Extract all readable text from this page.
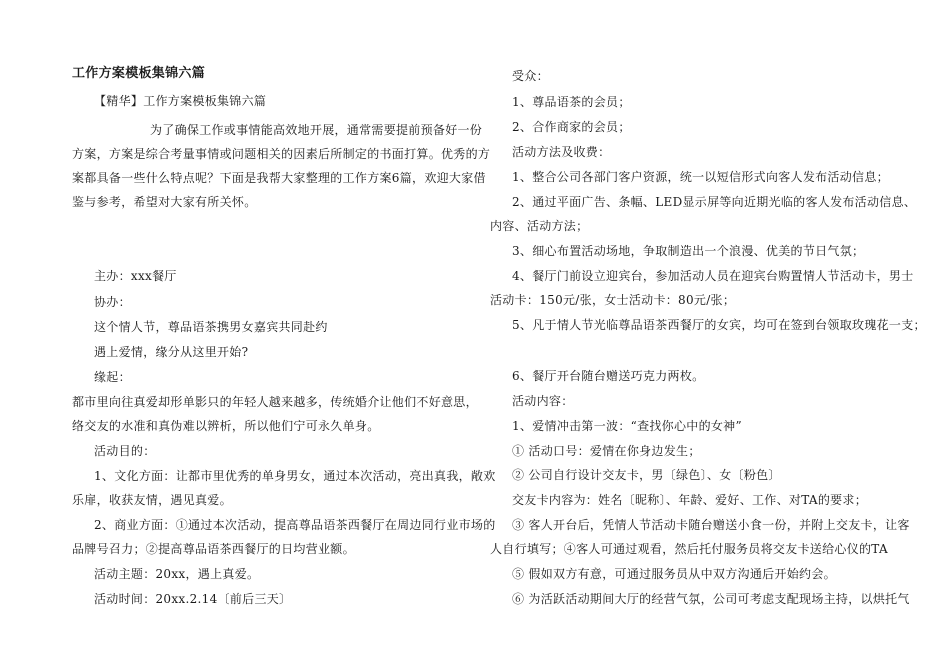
工作方案模板集锦六篇
【精华】工作方案模板集锦六篇
为了确保工作或事情能高效地开展，通常需要提前预备好一份
方案，方案是综合考量事情或问题相关的因素后所制定的书面打算。优秀的方
案都具备一些什么特点呢？下面是我帮大家整理的工作方案6篇，欢迎大家借
鉴与参考，希望对大家有所关怀。
主办：xxx餐厅
协办：
这个情人节，尊品语茶携男女嘉宾共同赴约
遇上爱情，缘分从这里开始?
缘起：
都市里向往真爱却形单影只的年轻人越来越多，传统婚介让他们不好意思，
络交友的水准和真伪难以辨析，所以他们宁可永久单身。
活动目的：
1、文化方面：让都市里优秀的单身男女，通过本次活动，亮出真我，敞欢
乐扉，收获友情，遇见真爱。
2、商业方面：①通过本次活动，提高尊品语茶西餐厅在周边同行业市场的
品牌号召力；②提高尊品语茶西餐厅的日均营业额。
活动主题：20xx，遇上真爱。
活动时间：20xx.2.14〔前后三天〕
受众：
1、尊品语茶的会员；
2、合作商家的会员；
活动方法及收费：
1、整合公司各部门客户资源，统一以短信形式向客人发布活动信息；
2、通过平面广告、条幅、LED显示屏等向近期光临的客人发布活动信息、
内容、活动方法；
3、细心布置活动场地，争取制造出一个浪漫、优美的节日气氛；
4、餐厅门前设立迎宾台，参加活动人员在迎宾台购置情人节活动卡，男士
活动卡：150元/张，女士活动卡：80元/张；
5、凡于情人节光临尊品语茶西餐厅的女宾，均可在签到台领取玫瑰花一支；
6、餐厅开台随台赠送巧克力两枚。
活动内容：
1、爱情冲击第一波：“查找你心中的女神”
① 活动口号：爱情在你身边发生；
② 公司自行设计交友卡，男〔绿色〕、女〔粉色〕
交友卡内容为：姓名〔昵称〕、年龄、爱好、工作、对TA的要求；
③ 客人开台后，凭情人节活动卡随台赠送小食一份，并附上交友卡，让客
人自行填写；④客人可通过观看，然后托付服务员将交友卡送给心仪的TA
⑤ 假如双方有意，可通过服务员从中双方沟通后开始约会。
⑥ 为活跃活动期间大厅的经营气氛，公司可考虑支配现场主持，以烘托气
